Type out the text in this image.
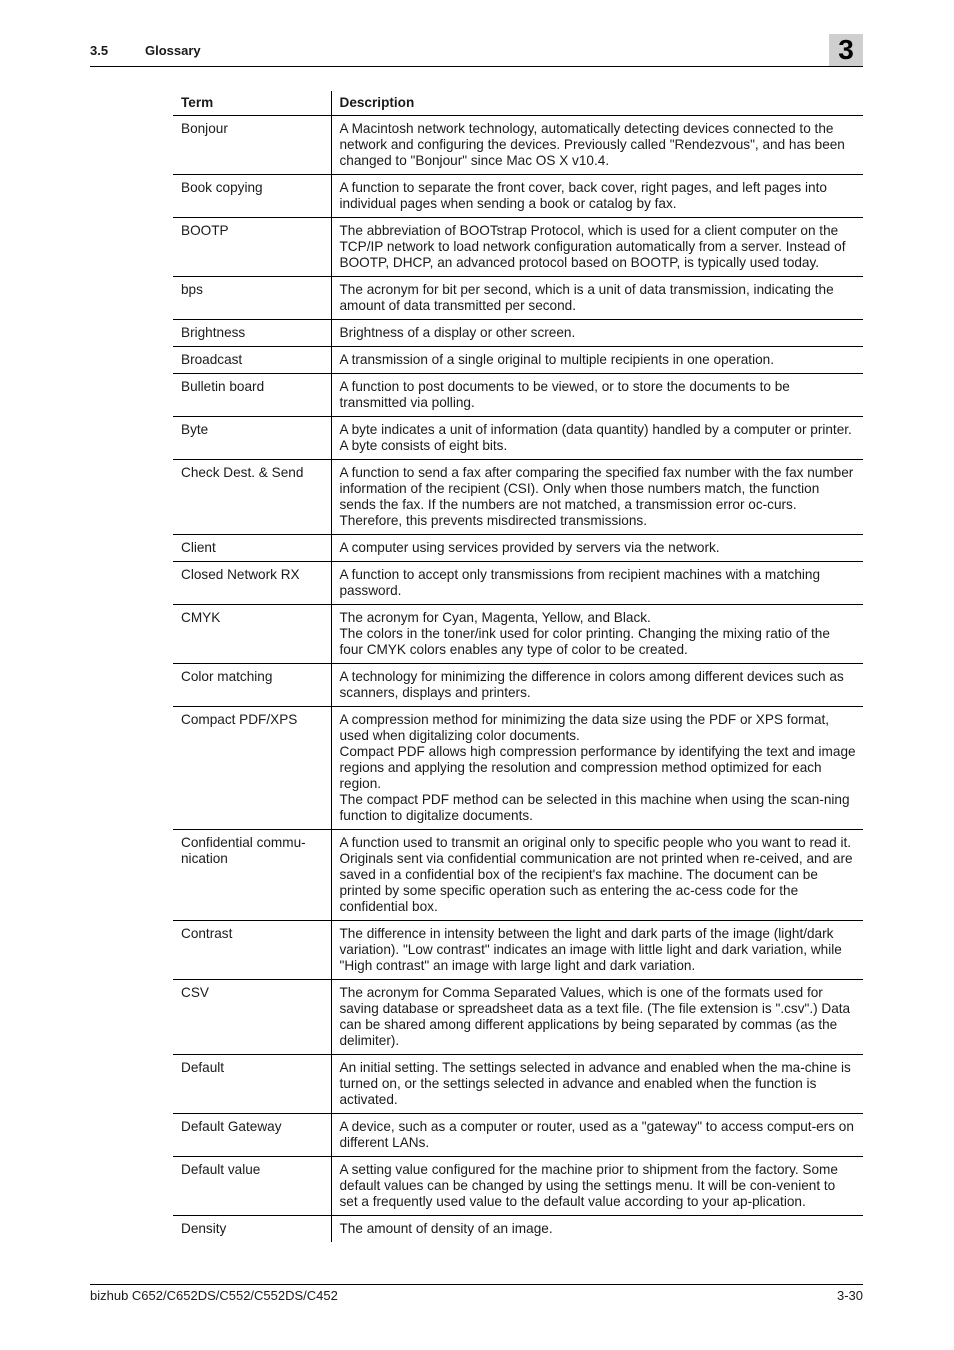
3.5	Glossary	3
Term	Description
Bonjour	A Macintosh network technology, automatically detecting devices connected to the network and configuring the devices. Previously called "Rendezvous", and has been changed to "Bonjour" since Mac OS X v10.4.

Book copying	A function to separate the front cover, back cover, right pages, and left pages into individual pages when sending a book or catalog by fax.

BOOTP	The abbreviation of BOOTstrap Protocol, which is used for a client computer on the TCP/IP network to load network configuration automatically from a server. Instead of BOOTP, DHCP, an advanced protocol based on BOOTP, is typically used today.

bps	The acronym for bit per second, which is a unit of data transmission, indicating the amount of data transmitted per second.

Brightness	Brightness of a display or other screen.

Broadcast	A transmission of a single original to multiple recipients in one operation.

Bulletin board	A function to post documents to be viewed, or to store the documents to be transmitted via polling.

Byte	A byte indicates a unit of information (data quantity) handled by a computer or printer. A byte consists of eight bits.

Check Dest. & Send	A function to send a fax after comparing the specified fax number with the fax number information of the recipient (CSI). Only when those numbers match, the function sends the fax. If the numbers are not matched, a transmission error oc-curs. Therefore, this prevents misdirected transmissions.

Client	A computer using services provided by servers via the network.

Closed Network RX	A function to accept only transmissions from recipient machines with a matching password.

CMYK	The acronym for Cyan, Magenta, Yellow, and Black.
The colors in the toner/ink used for color printing. Changing the mixing ratio of the four CMYK colors enables any type of color to be created.

Color matching	A technology for minimizing the difference in colors among different devices such as scanners, displays and printers.

Compact PDF/XPS	A compression method for minimizing the data size using the PDF or XPS format, used when digitalizing color documents.
Compact PDF allows high compression performance by identifying the text and image regions and applying the resolution and compression method optimized for each region.
The compact PDF method can be selected in this machine when using the scan-ning function to digitalize documents.

Confidential commu-nication	A function used to transmit an original only to specific people who you want to read it. Originals sent via confidential communication are not printed when re-ceived, and are saved in a confidential box of the recipient's fax machine. The document can be printed by some specific operation such as entering the ac-cess code for the confidential box.

Contrast	The difference in intensity between the light and dark parts of the image (light/dark variation). "Low contrast" indicates an image with little light and dark variation, while "High contrast" an image with large light and dark variation.

CSV	The acronym for Comma Separated Values, which is one of the formats used for saving database or spreadsheet data as a text file. (The file extension is ".csv".) Data can be shared among different applications by being separated by commas (as the delimiter).

Default	An initial setting. The settings selected in advance and enabled when the ma-chine is turned on, or the settings selected in advance and enabled when the function is activated.

Default Gateway	A device, such as a computer or router, used as a "gateway" to access comput-ers on different LANs.

Default value	A setting value configured for the machine prior to shipment from the factory. Some default values can be changed by using the settings menu. It will be con-venient to set a frequently used value to the default value according to your ap-plication.

Density	The amount of density of an image.
bizhub C652/C652DS/C552/C552DS/C452	3-30
